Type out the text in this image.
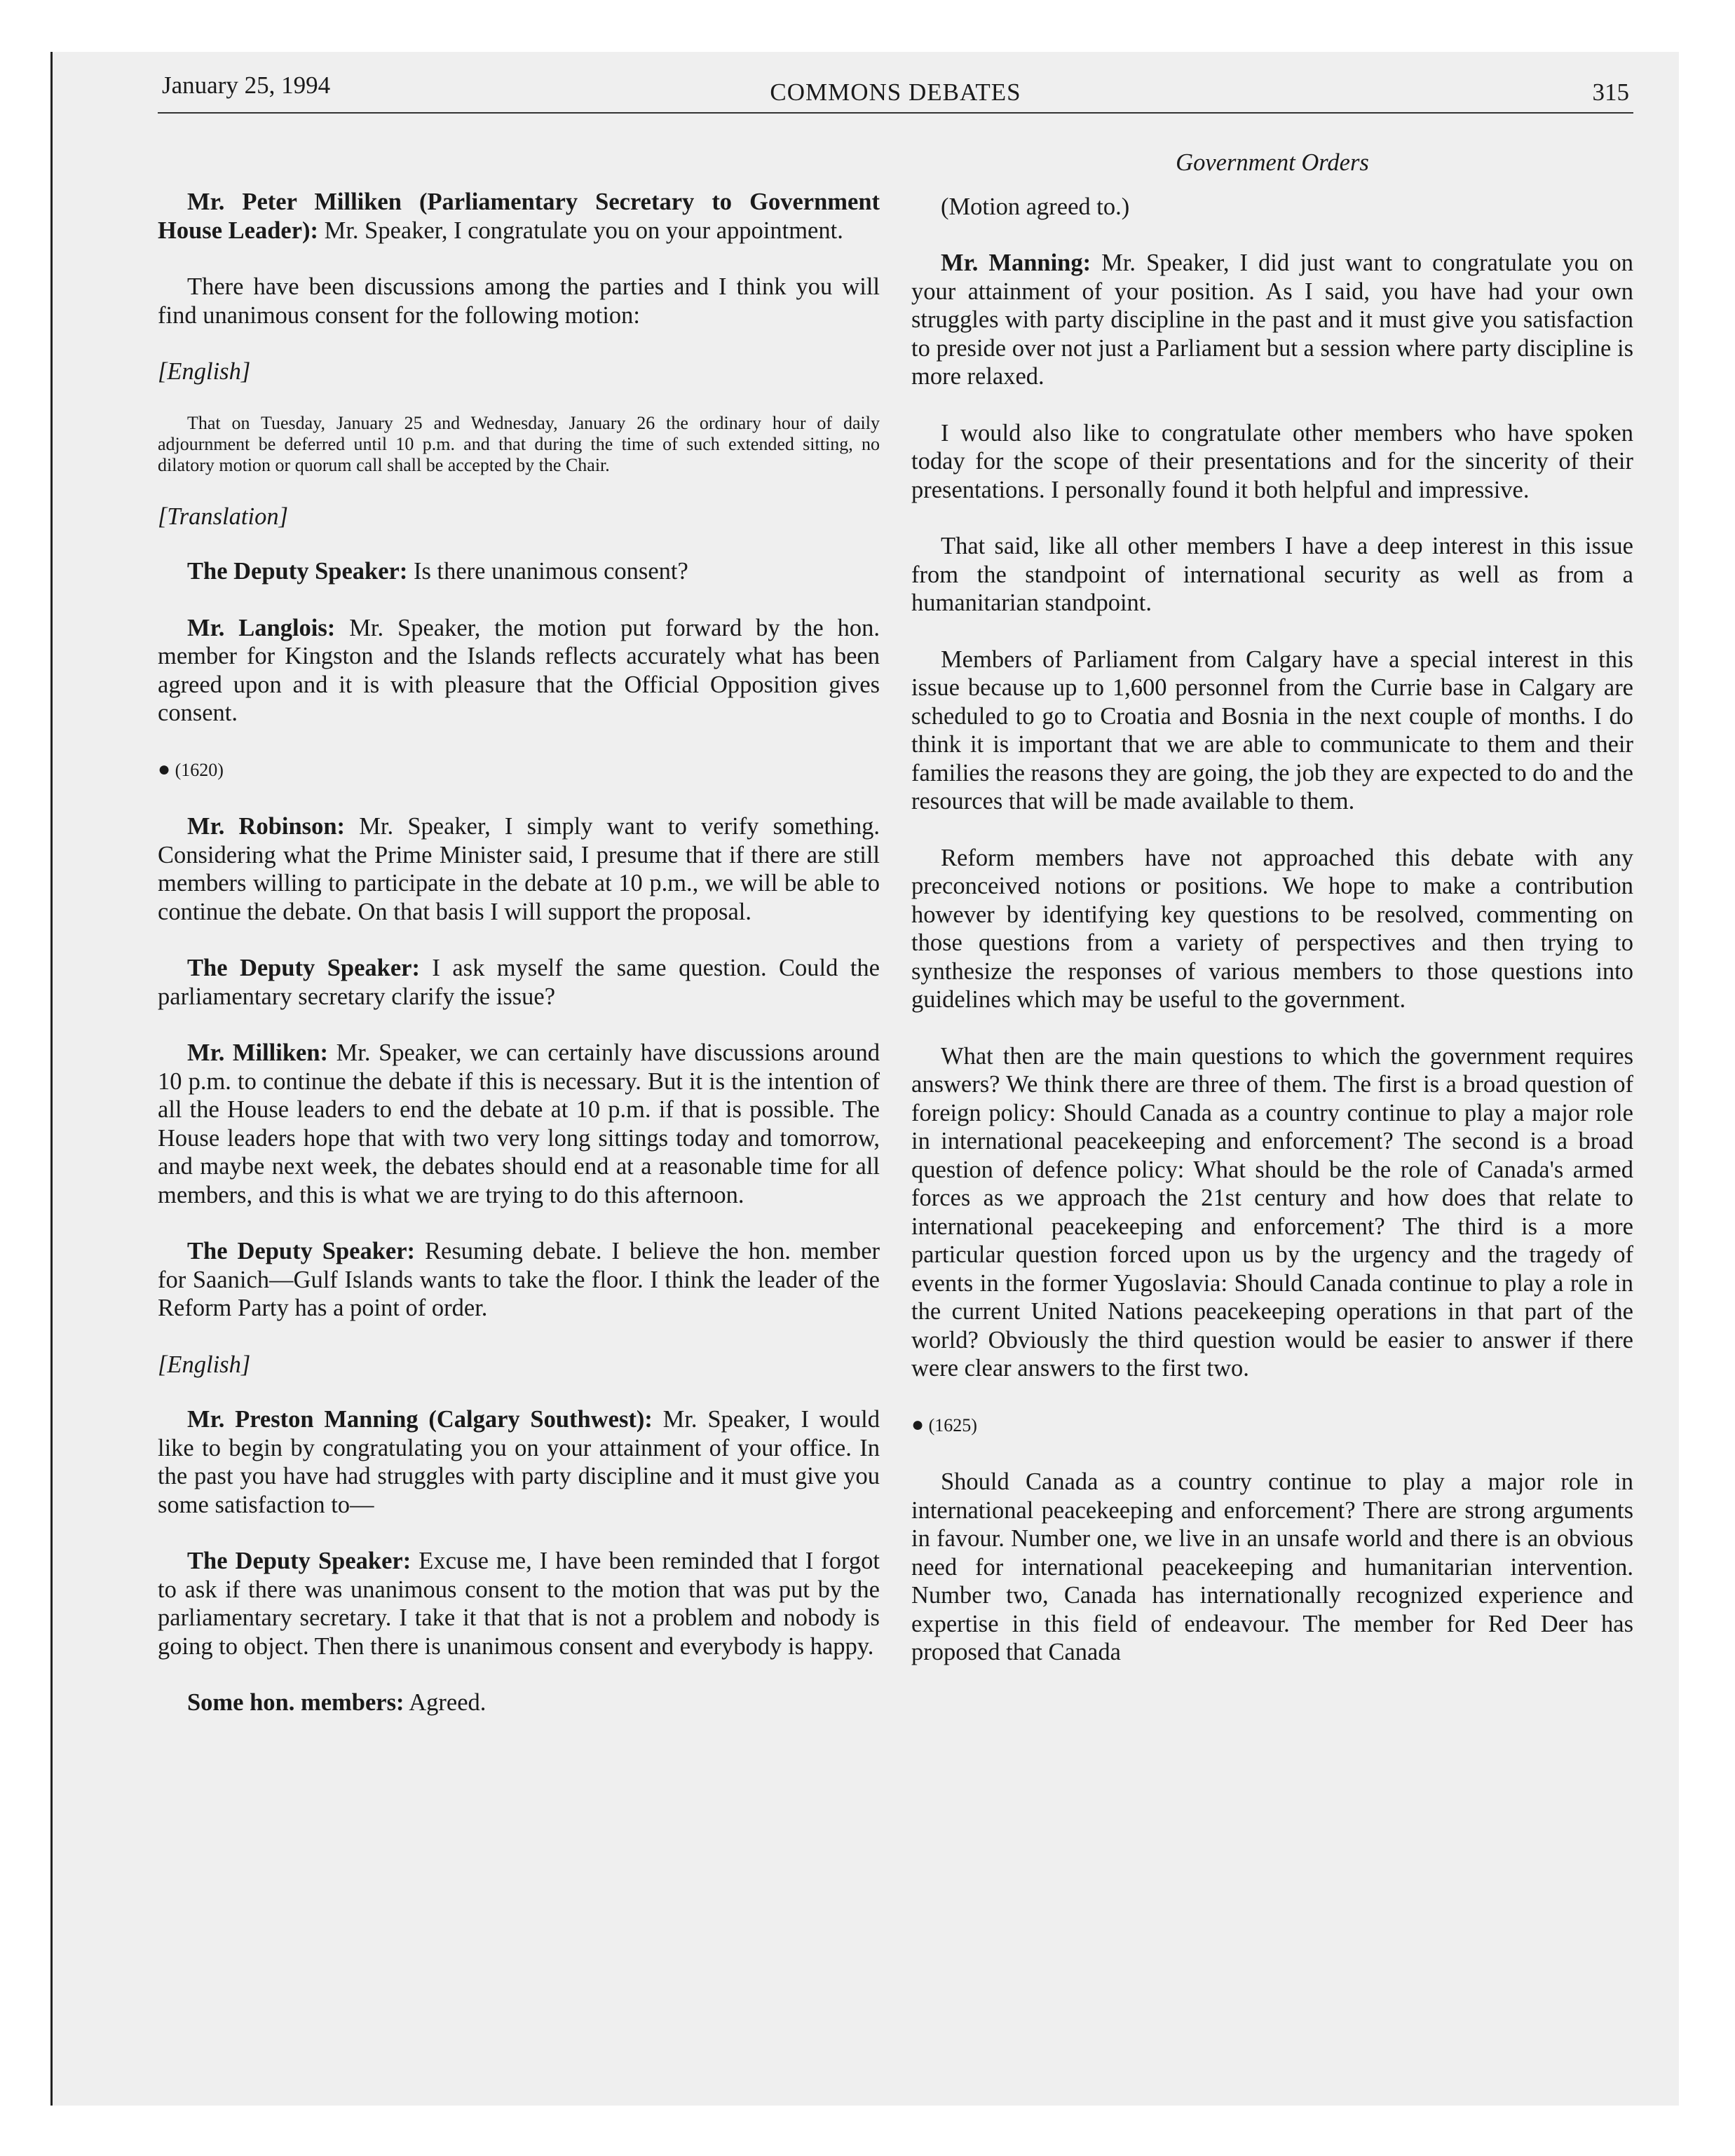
January 25, 1994	COMMONS DEBATES	315

Mr. Peter Milliken (Parliamentary Secretary to Government House Leader): Mr. Speaker, I congratulate you on your appointment.

There have been discussions among the parties and I think you will find unanimous consent for the following motion:

[English]

That on Tuesday, January 25 and Wednesday, January 26 the ordinary hour of daily adjournment be deferred until 10 p.m. and that during the time of such extended sitting, no dilatory motion or quorum call shall be accepted by the Chair.

[Translation]

The Deputy Speaker: Is there unanimous consent?

Mr. Langlois: Mr. Speaker, the motion put forward by the hon. member for Kingston and the Islands reflects accurately what has been agreed upon and it is with pleasure that the Official Opposition gives consent.

● (1620)

Mr. Robinson: Mr. Speaker, I simply want to verify something. Considering what the Prime Minister said, I presume that if there are still members willing to participate in the debate at 10 p.m., we will be able to continue the debate. On that basis I will support the proposal.

The Deputy Speaker: I ask myself the same question. Could the parliamentary secretary clarify the issue?

Mr. Milliken: Mr. Speaker, we can certainly have discussions around 10 p.m. to continue the debate if this is necessary. But it is the intention of all the House leaders to end the debate at 10 p.m. if that is possible. The House leaders hope that with two very long sittings today and tomorrow, and maybe next week, the debates should end at a reasonable time for all members, and this is what we are trying to do this afternoon.

The Deputy Speaker: Resuming debate. I believe the hon. member for Saanich—Gulf Islands wants to take the floor. I think the leader of the Reform Party has a point of order.

[English]

Mr. Preston Manning (Calgary Southwest): Mr. Speaker, I would like to begin by congratulating you on your attainment of your office. In the past you have had struggles with party discipline and it must give you some satisfaction to—

The Deputy Speaker: Excuse me, I have been reminded that I forgot to ask if there was unanimous consent to the motion that was put by the parliamentary secretary. I take it that that is not a problem and nobody is going to object. Then there is unanimous consent and everybody is happy.

Some hon. members: Agreed.

Government Orders

(Motion agreed to.)

Mr. Manning: Mr. Speaker, I did just want to congratulate you on your attainment of your position. As I said, you have had your own struggles with party discipline in the past and it must give you satisfaction to preside over not just a Parliament but a session where party discipline is more relaxed.

I would also like to congratulate other members who have spoken today for the scope of their presentations and for the sincerity of their presentations. I personally found it both helpful and impressive.

That said, like all other members I have a deep interest in this issue from the standpoint of international security as well as from a humanitarian standpoint.

Members of Parliament from Calgary have a special interest in this issue because up to 1,600 personnel from the Currie base in Calgary are scheduled to go to Croatia and Bosnia in the next couple of months. I do think it is important that we are able to communicate to them and their families the reasons they are going, the job they are expected to do and the resources that will be made available to them.

Reform members have not approached this debate with any preconceived notions or positions. We hope to make a contribution however by identifying key questions to be resolved, commenting on those questions from a variety of perspectives and then trying to synthesize the responses of various members to those questions into guidelines which may be useful to the government.

What then are the main questions to which the government requires answers? We think there are three of them. The first is a broad question of foreign policy: Should Canada as a country continue to play a major role in international peacekeeping and enforcement? The second is a broad question of defence policy: What should be the role of Canada's armed forces as we approach the 21st century and how does that relate to international peacekeeping and enforcement? The third is a more particular question forced upon us by the urgency and the tragedy of events in the former Yugoslavia: Should Canada continue to play a role in the current United Nations peacekeeping operations in that part of the world? Obviously the third question would be easier to answer if there were clear answers to the first two.

● (1625)

Should Canada as a country continue to play a major role in international peacekeeping and enforcement? There are strong arguments in favour. Number one, we live in an unsafe world and there is an obvious need for international peacekeeping and humanitarian intervention. Number two, Canada has internationally recognized experience and expertise in this field of endeavour. The member for Red Deer has proposed that Canada
